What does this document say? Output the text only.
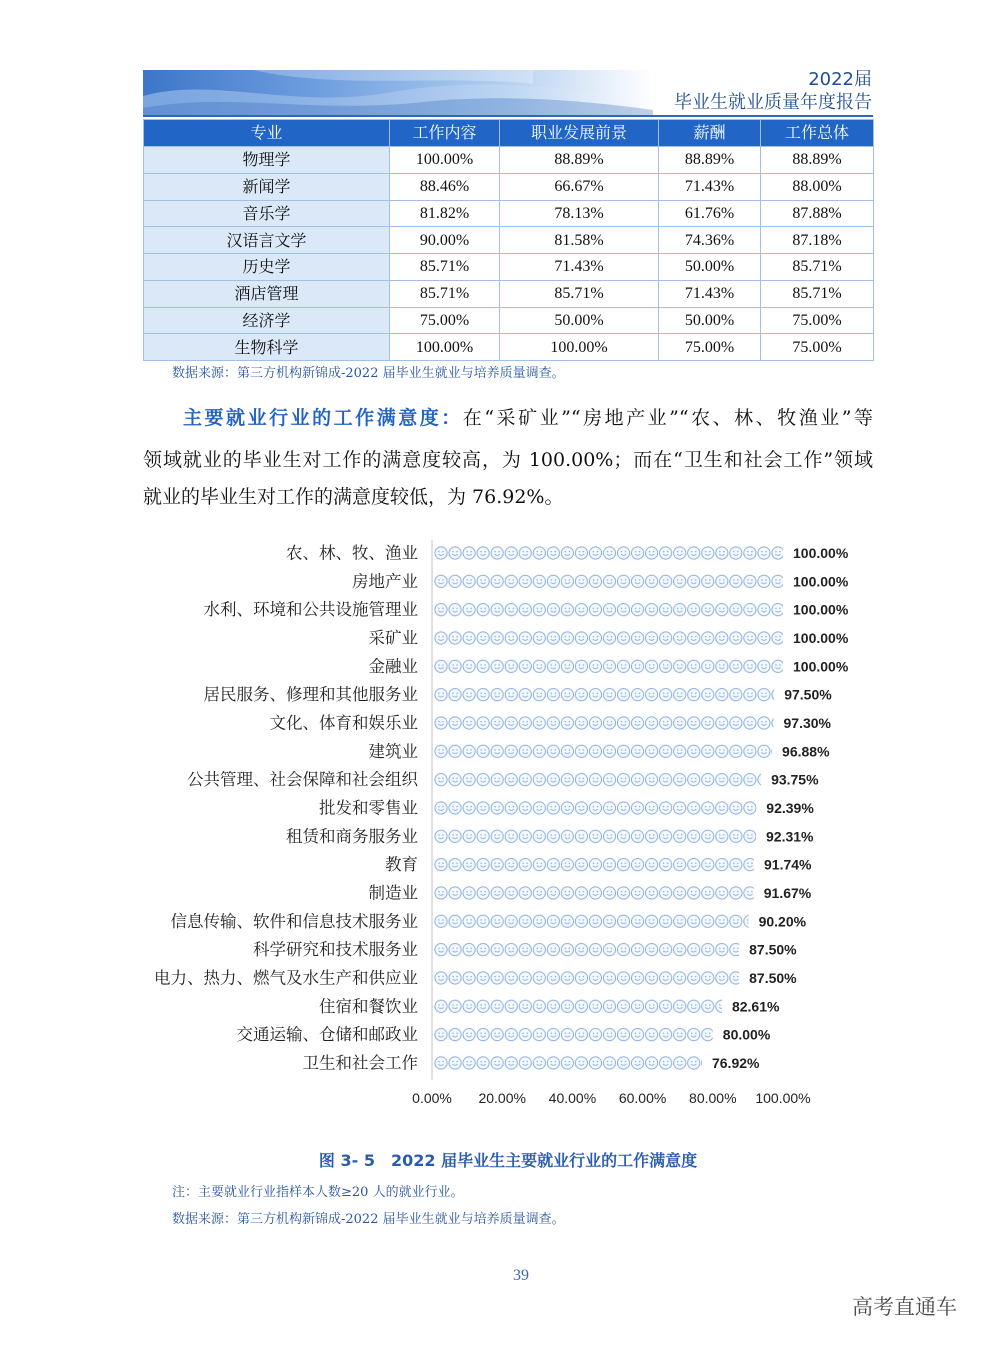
2022届
毕业生就业质量年度报告
专业	工作内容	职业发展前景	薪酬	工作总体
物理学	100.00%	88.89%	88.89%	88.89%
新闻学	88.46%	66.67%	71.43%	88.00%
音乐学	81.82%	78.13%	61.76%	87.88%
汉语言文学	90.00%	81.58%	74.36%	87.18%
历史学	85.71%	71.43%	50.00%	85.71%
酒店管理	85.71%	85.71%	71.43%	85.71%
经济学	75.00%	50.00%	50.00%	75.00%
生物科学	100.00%	100.00%	75.00%	75.00%
数据来源：第三方机构新锦成-2022 届毕业生就业与培养质量调查。
主要就业行业的工作满意度：在“采矿业”“房地产业”“农、林、牧渔业”等
领域就业的毕业生对工作的满意度较高，为 100.00%；而在“卫生和社会工作”领域
就业的毕业生对工作的满意度较低，为 76.92%。
农、林、牧、渔业	100.00%
房地产业	100.00%
水利、环境和公共设施管理业	100.00%
采矿业	100.00%
金融业	100.00%
居民服务、修理和其他服务业	97.50%
文化、体育和娱乐业	97.30%
建筑业	96.88%
公共管理、社会保障和社会组织	93.75%
批发和零售业	92.39%
租赁和商务服务业	92.31%
教育	91.74%
制造业	91.67%
信息传输、软件和信息技术服务业	90.20%
科学研究和技术服务业	87.50%
电力、热力、燃气及水生产和供应业	87.50%
住宿和餐饮业	82.61%
交通运输、仓储和邮政业	80.00%
卫生和社会工作	76.92%
0.00% 20.00% 40.00% 60.00% 80.00% 100.00%
图 3- 5　2022 届毕业生主要就业行业的工作满意度
注：主要就业行业指样本人数≥20 人的就业行业。
数据来源：第三方机构新锦成-2022 届毕业生就业与培养质量调查。
39
高考直通车
